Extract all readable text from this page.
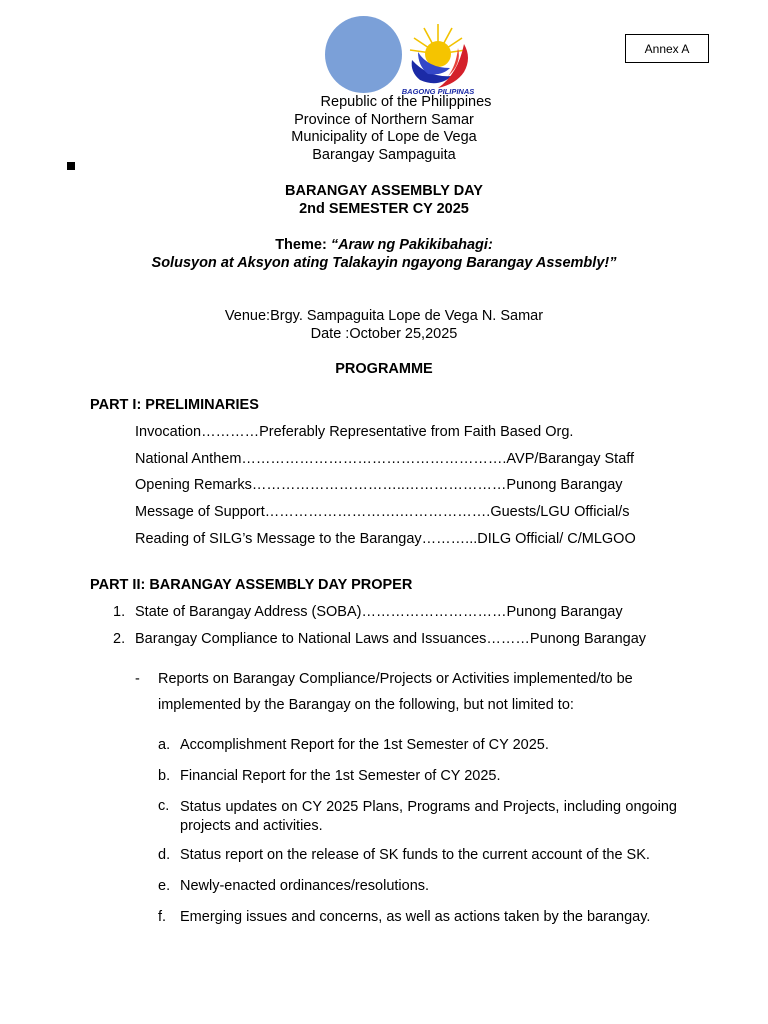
BAGONG PILIPINAS
Annex A
Republic of the Philippines
Province of Northern Samar
Municipality of Lope de Vega
Barangay Sampaguita
BARANGAY ASSEMBLY DAY
2nd SEMESTER CY 2025
Theme: “Araw ng Pakikibahagi:
Solusyon at Aksyon ating Talakayin ngayong Barangay Assembly!”
Venue:Brgy. Sampaguita Lope de Vega N. Samar
Date :October 25,2025
PROGRAMME
PART I: PRELIMINARIES
Invocation…………Preferably Representative from Faith Based Org.
National Anthem……………………………………………….AVP/Barangay Staff
Opening Remarks…………………………..…………………Punong Barangay
Message of Support……………………….……………….Guests/LGU Official/s
Reading of SILG’s Message to the Barangay………...DILG Official/ C/MLGOO
PART II: BARANGAY ASSEMBLY DAY PROPER
1. State of Barangay Address (SOBA)…………………………Punong Barangay
2. Barangay Compliance to National Laws and Issuances………Punong Barangay
- Reports on Barangay Compliance/Projects or Activities implemented/to be
implemented by the Barangay on the following, but not limited to:
a. Accomplishment Report for the 1st Semester of CY 2025.
b. Financial Report for the 1st Semester of CY 2025.
c. Status updates on CY 2025 Plans, Programs and Projects, including ongoing projects and activities.
d. Status report on the release of SK funds to the current account of the SK.
e. Newly-enacted ordinances/resolutions.
f. Emerging issues and concerns, as well as actions taken by the barangay.
